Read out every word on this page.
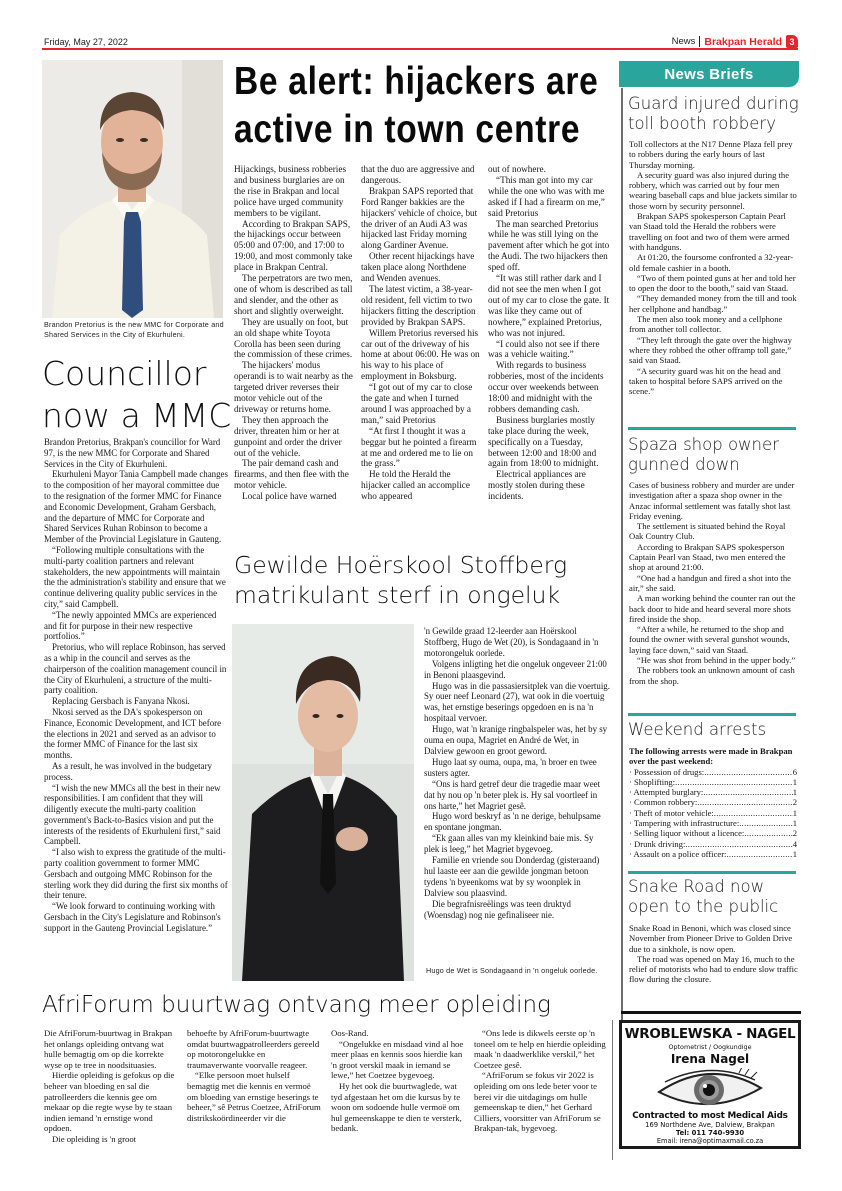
Friday, May 27, 2022	News Brakpan Herald 3
Brandon Pretorius is the new MMC for Corporate and Shared Services in the City of Ekurhuleni.
Councillor
now a MMC

Brandon Pretorius, Brakpan's councillor for Ward 97, is the new MMC for Corporate and Shared Services in the City of Ekurhuleni.

Ekurhuleni Mayor Tania Campbell made changes to the composition of her mayoral committee due to the resignation of the former MMC for Finance and Economic Development, Graham Gersbach, and the departure of MMC for Corporate and Shared Services Ruhan Robinson to become a Member of the Provincial Legislature in Gauteng.

“Following multiple consultations with the multi-party coalition partners and relevant stakeholders, the new appointments will maintain the the administration's stability and ensure that we continue delivering quality public services in the city,” said Campbell.

“The newly appointed MMCs are experienced and fit for purpose in their new respective portfolios.”

Pretorius, who will replace Robinson, has served as a whip in the council and serves as the chairperson of the coalition management council in the City of Ekurhuleni, a structure of the multi-party coalition.

Replacing Gersbach is Fanyana Nkosi.

Nkosi served as the DA's spokesperson on Finance, Economic Development, and ICT before the elections in 2021 and served as an advisor to the former MMC of Finance for the last six months.

As a result, he was involved in the budgetary process.

“I wish the new MMCs all the best in their new responsibilities. I am confident that they will diligently execute the multi-party coalition government's Back-to-Basics vision and put the interests of the residents of Ekurhuleni first,” said Campbell.

“I also wish to express the gratitude of the multi-party coalition government to former MMC Gersbach and outgoing MMC Robinson for the sterling work they did during the first six months of their tenure.

“We look forward to continuing working with Gersbach in the City's Legislature and Robinson's support in the Gauteng Provincial Legislature.”

Be alert: hijackers are
active in town centre

Hijackings, business robberies and business burglaries are on the rise in Brakpan and local police have urged community members to be vigilant.

According to Brakpan SAPS, the hijackings occur between 05:00 and 07:00, and 17:00 to 19:00, and most commonly take place in Brakpan Central.

The perpetrators are two men, one of whom is described as tall and slender, and the other as short and slightly overweight.

They are usually on foot, but an old shape white Toyota Corolla has been seen during the commission of these crimes.

The hijackers' modus operandi is to wait nearby as the targeted driver reverses their motor vehicle out of the driveway or returns home.

They then approach the driver, threaten him or her at gunpoint and order the driver out of the vehicle.

The pair demand cash and firearms, and then flee with the motor vehicle.

Local police have warned

that the duo are aggressive and dangerous.

Brakpan SAPS reported that Ford Ranger bakkies are the hijackers' vehicle of choice, but the driver of an Audi A3 was hijacked last Friday morning along Gardiner Avenue.

Other recent hijackings have taken place along Northdene and Wenden avenues.

The latest victim, a 38-year-old resident, fell victim to two hijackers fitting the description provided by Brakpan SAPS.

Willem Pretorius reversed his car out of the driveway of his home at about 06:00. He was on his way to his place of employment in Boksburg.

“I got out of my car to close the gate and when I turned around I was approached by a man,” said Pretorius

“At first I thought it was a beggar but he pointed a firearm at me and ordered me to lie on the grass.”

He told the Herald the hijacker called an accomplice who appeared

out of nowhere.

“This man got into my car while the one who was with me asked if I had a firearm on me,” said Pretorius

The man searched Pretorius while he was still lying on the pavement after which he got into the Audi. The two hijackers then sped off.

“It was still rather dark and I did not see the men when I got out of my car to close the gate. It was like they came out of nowhere,” explained Pretorius, who was not injured.

“I could also not see if there was a vehicle waiting.”

With regards to business robberies, most of the incidents occur over weekends between 18:00 and midnight with the robbers demanding cash.

Business burglaries mostly take place during the week, specifically on a Tuesday, between 12:00 and 18:00 and again from 18:00 to midnight.

Electrical appliances are mostly stolen during these incidents.

Gewilde Hoërskool Stoffberg
matrikulant sterf in ongeluk

'n Gewilde graad 12-leerder aan Hoërskool Stoffberg, Hugo de Wet (20), is Sondagaand in 'n motorongeluk oorlede.

Volgens inligting het die ongeluk ongeveer 21:00 in Benoni plaasgevind.

Hugo was in die passasiersitplek van die voertuig. Sy ouer neef Leonard (27), wat ook in die voertuig was, het ernstige beserings opgedoen en is na 'n hospitaal vervoer.

Hugo, wat 'n kranige ringbalspeler was, het by sy ouma en oupa, Magriet en André de Wet, in Dalview gewoon en groot geword.

Hugo laat sy ouma, oupa, ma, 'n broer en twee susters agter.

“Ons is hard getref deur die tragedie maar weet dat hy nou op 'n beter plek is. Hy sal voortleef in ons harte,” het Magriet gesê.

Hugo word beskryf as 'n ne derige, behulpsame en spontane jongman.

“Ek gaan alles van my kleinkind baie mis. Sy plek is leeg,” het Magriet bygevoeg.

Familie en vriende sou Donderdag (gisteraand) hul laaste eer aan die gewilde jongman betoon tydens 'n byeenkoms wat by sy woonplek in Dalview sou plaasvind.

Die begrafnisreëlings was teen druktyd (Woensdag) nog nie gefinaliseer nie.

Hugo de Wet is Sondagaand in 'n ongeluk oorlede.
AfriForum buurtwag ontvang meer opleiding

Die AfriForum-buurtwag in Brakpan het onlangs opleiding ontvang wat hulle bemagtig om op die korrekte wyse op te tree in noodsituasies.

Hierdie opleiding is gefokus op die beheer van bloeding en sal die patrolleerders die kennis gee om mekaar op die regte wyse by te staan indien iemand 'n ernstige wond opdoen.

Die opleiding is 'n groot

behoefte by AfriForum-buurtwagte omdat buurtwagpatrolleerders gereeld op motorongelukke en traumaverwante voorvalle reageer.

“Elke persoon moet hulself bemagtig met die kennis en vermoë om bloeding van ernstige beserings te beheer,” sê Petrus Coetzee, AfriForum distrikskoördineerder vir die

Oos-Rand.

“Ongelukke en misdaad vind al hoe meer plaas en kennis soos hierdie kan 'n groot verskil maak in iemand se lewe,” het Coetzee bygevoeg.

Hy het ook die buurtwaglede, wat tyd afgestaan het om die kursus by te woon om sodoende hulle vermoë om hul gemeenskappe te dien te versterk, bedank.

“Ons lede is dikwels eerste op 'n toneel om te help en hierdie opleiding maak 'n daadwerklike verskil,” het Coetzee gesê.

“AfriForum se fokus vir 2022 is opleiding om ons lede beter voor te berei vir die uitdagings om hulle gemeenskap te dien,” het Gerhard Cilliers, voorsitter van AfriForum se Brakpan-tak, bygevoeg.

News Briefs
Guard injured during toll booth robbery

Toll collectors at the N17 Denne Plaza fell prey to robbers during the early hours of last Thursday morning.

A security guard was also injured during the robbery, which was carried out by four men wearing baseball caps and blue jackets similar to those worn by security personnel.

Brakpan SAPS spokesperson Captain Pearl van Staad told the Herald the robbers were travelling on foot and two of them were armed with handguns.

At 01:20, the foursome confronted a 32-year-old female cashier in a booth.

“Two of them pointed guns at her and told her to open the door to the booth,” said van Staad.

“They demanded money from the till and took her cellphone and handbag.”

The men also took money and a cellphone from another toll collector.

“They left through the gate over the highway where they robbed the other offramp toll gate,” said van Staad.

“A security guard was hit on the head and taken to hospital before SAPS arrived on the scene.”

Spaza shop owner gunned down

Cases of business robbery and murder are under investigation after a spaza shop owner in the Anzac informal settlement was fatally shot last Friday evening.

The settlement is situated behind the Royal Oak Country Club.

According to Brakpan SAPS spokesperson Captain Pearl van Staad, two men entered the shop at around 21:00.

“One had a handgun and fired a shot into the air,” she said.

A man working behind the counter ran out the back door to hide and heard several more shots fired inside the shop.

“After a while, he returned to the shop and found the owner with several gunshot wounds, laying face down,” said van Staad.

“He was shot from behind in the upper body.”

The robbers took an unknown amount of cash from the shop.

Weekend arrests
The following arrests were made in Brakpan over the past weekend:
· Possession of drugs: .....	6
· Shoplifting: .....	1
· Attempted burglary: .....	1
· Common robbery: .....	2
· Theft of motor vehicle: .....	1
· Tampering with infrastructure: .....	1
· Selling liquor without a licence: .....	2
· Drunk driving: .....	4
· Assault on a police officer: .....	1
Snake Road now open to the public

Snake Road in Benoni, which was closed since November from Pioneer Drive to Golden Drive due to a sinkhole, is now open.

The road was opened on May 16, much to the relief of motorists who had to endure slow traffic flow during the closure.

WROBLEWSKA - NAGEL
Optometrist / Oogkundige
Irena Nagel
Contracted to most Medical Aids
169 Northdene Ave, Dalview, Brakpan
Tel: 011 740-9930
Email: irena@optimaxmail.co.za
